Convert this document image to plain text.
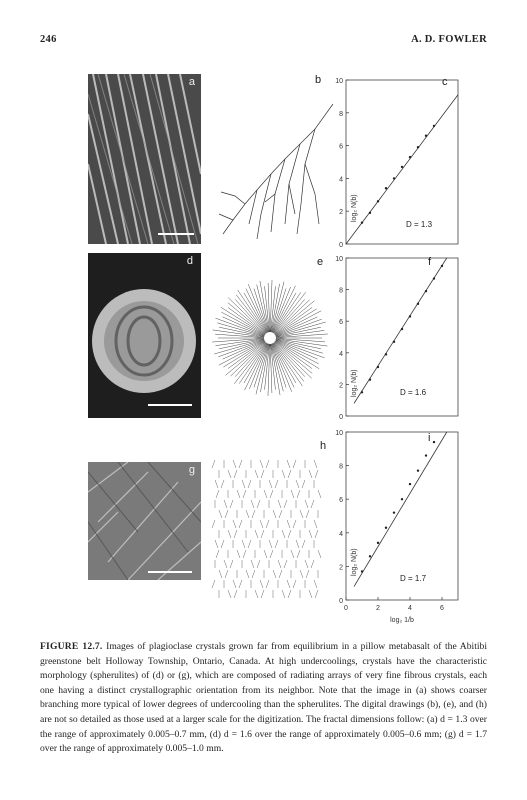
246	A. D. FOWLER
a	b
d	e
g
h
0
2
4
6
8
10
log₂ N(b)
c
D = 1.3
0
2
4
6
8
10
log₂ N(b)
f
D = 1.6
0
2
4
6
8
10
0	2	4	6
log₂ 1/b
log₂ N(b)
i
D = 1.7
FIGURE 12.7. Images of plagioclase crystals grown far from equilibrium in a pillow metabasalt of the Abitibi greenstone belt Holloway Township, Ontario, Canada. At high undercoolings, crystals have the characteristic morphology (spherulites) of (d) or (g), which are composed of radiating arrays of very fine fibrous crystals, each one having a distinct crystallographic orientation from its neighbor. Note that the image in (a) shows coarser branching more typical of lower degrees of undercooling than the spherulites. The digital drawings (b), (e), and (h) are not so detailed as those used at a larger scale for the digitization. The fractal dimensions follow: (a) d = 1.3 over the range of approximately 0.005–0.7 mm, (d) d = 1.6 over the range of approximately 0.005–0.6 mm; (g) d = 1.7 over the range of approximately 0.005–1.0 mm.
